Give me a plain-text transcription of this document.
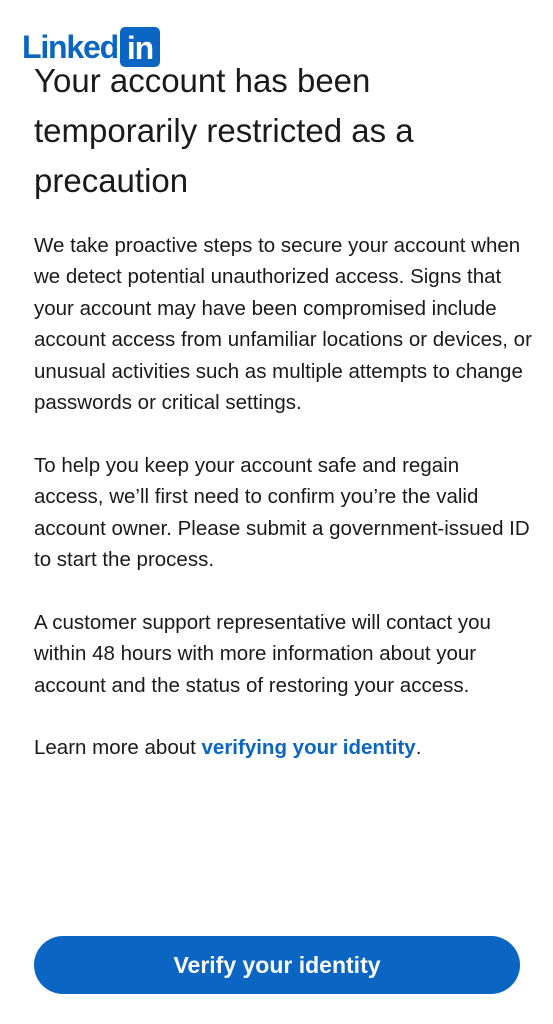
Linked in
Your account has been temporarily restricted as a precaution

We take proactive steps to secure your account when we detect potential unauthorized access. Signs that your account may have been compromised include account access from unfamiliar locations or devices, or unusual activities such as multiple attempts to change passwords or critical settings.

To help you keep your account safe and regain access, we’ll first need to confirm you’re the valid account owner. Please submit a government-issued ID to start the process.

A customer support representative will contact you within 48 hours with more information about your account and the status of restoring your access.

Learn more about verifying your identity.

Verify your identity
